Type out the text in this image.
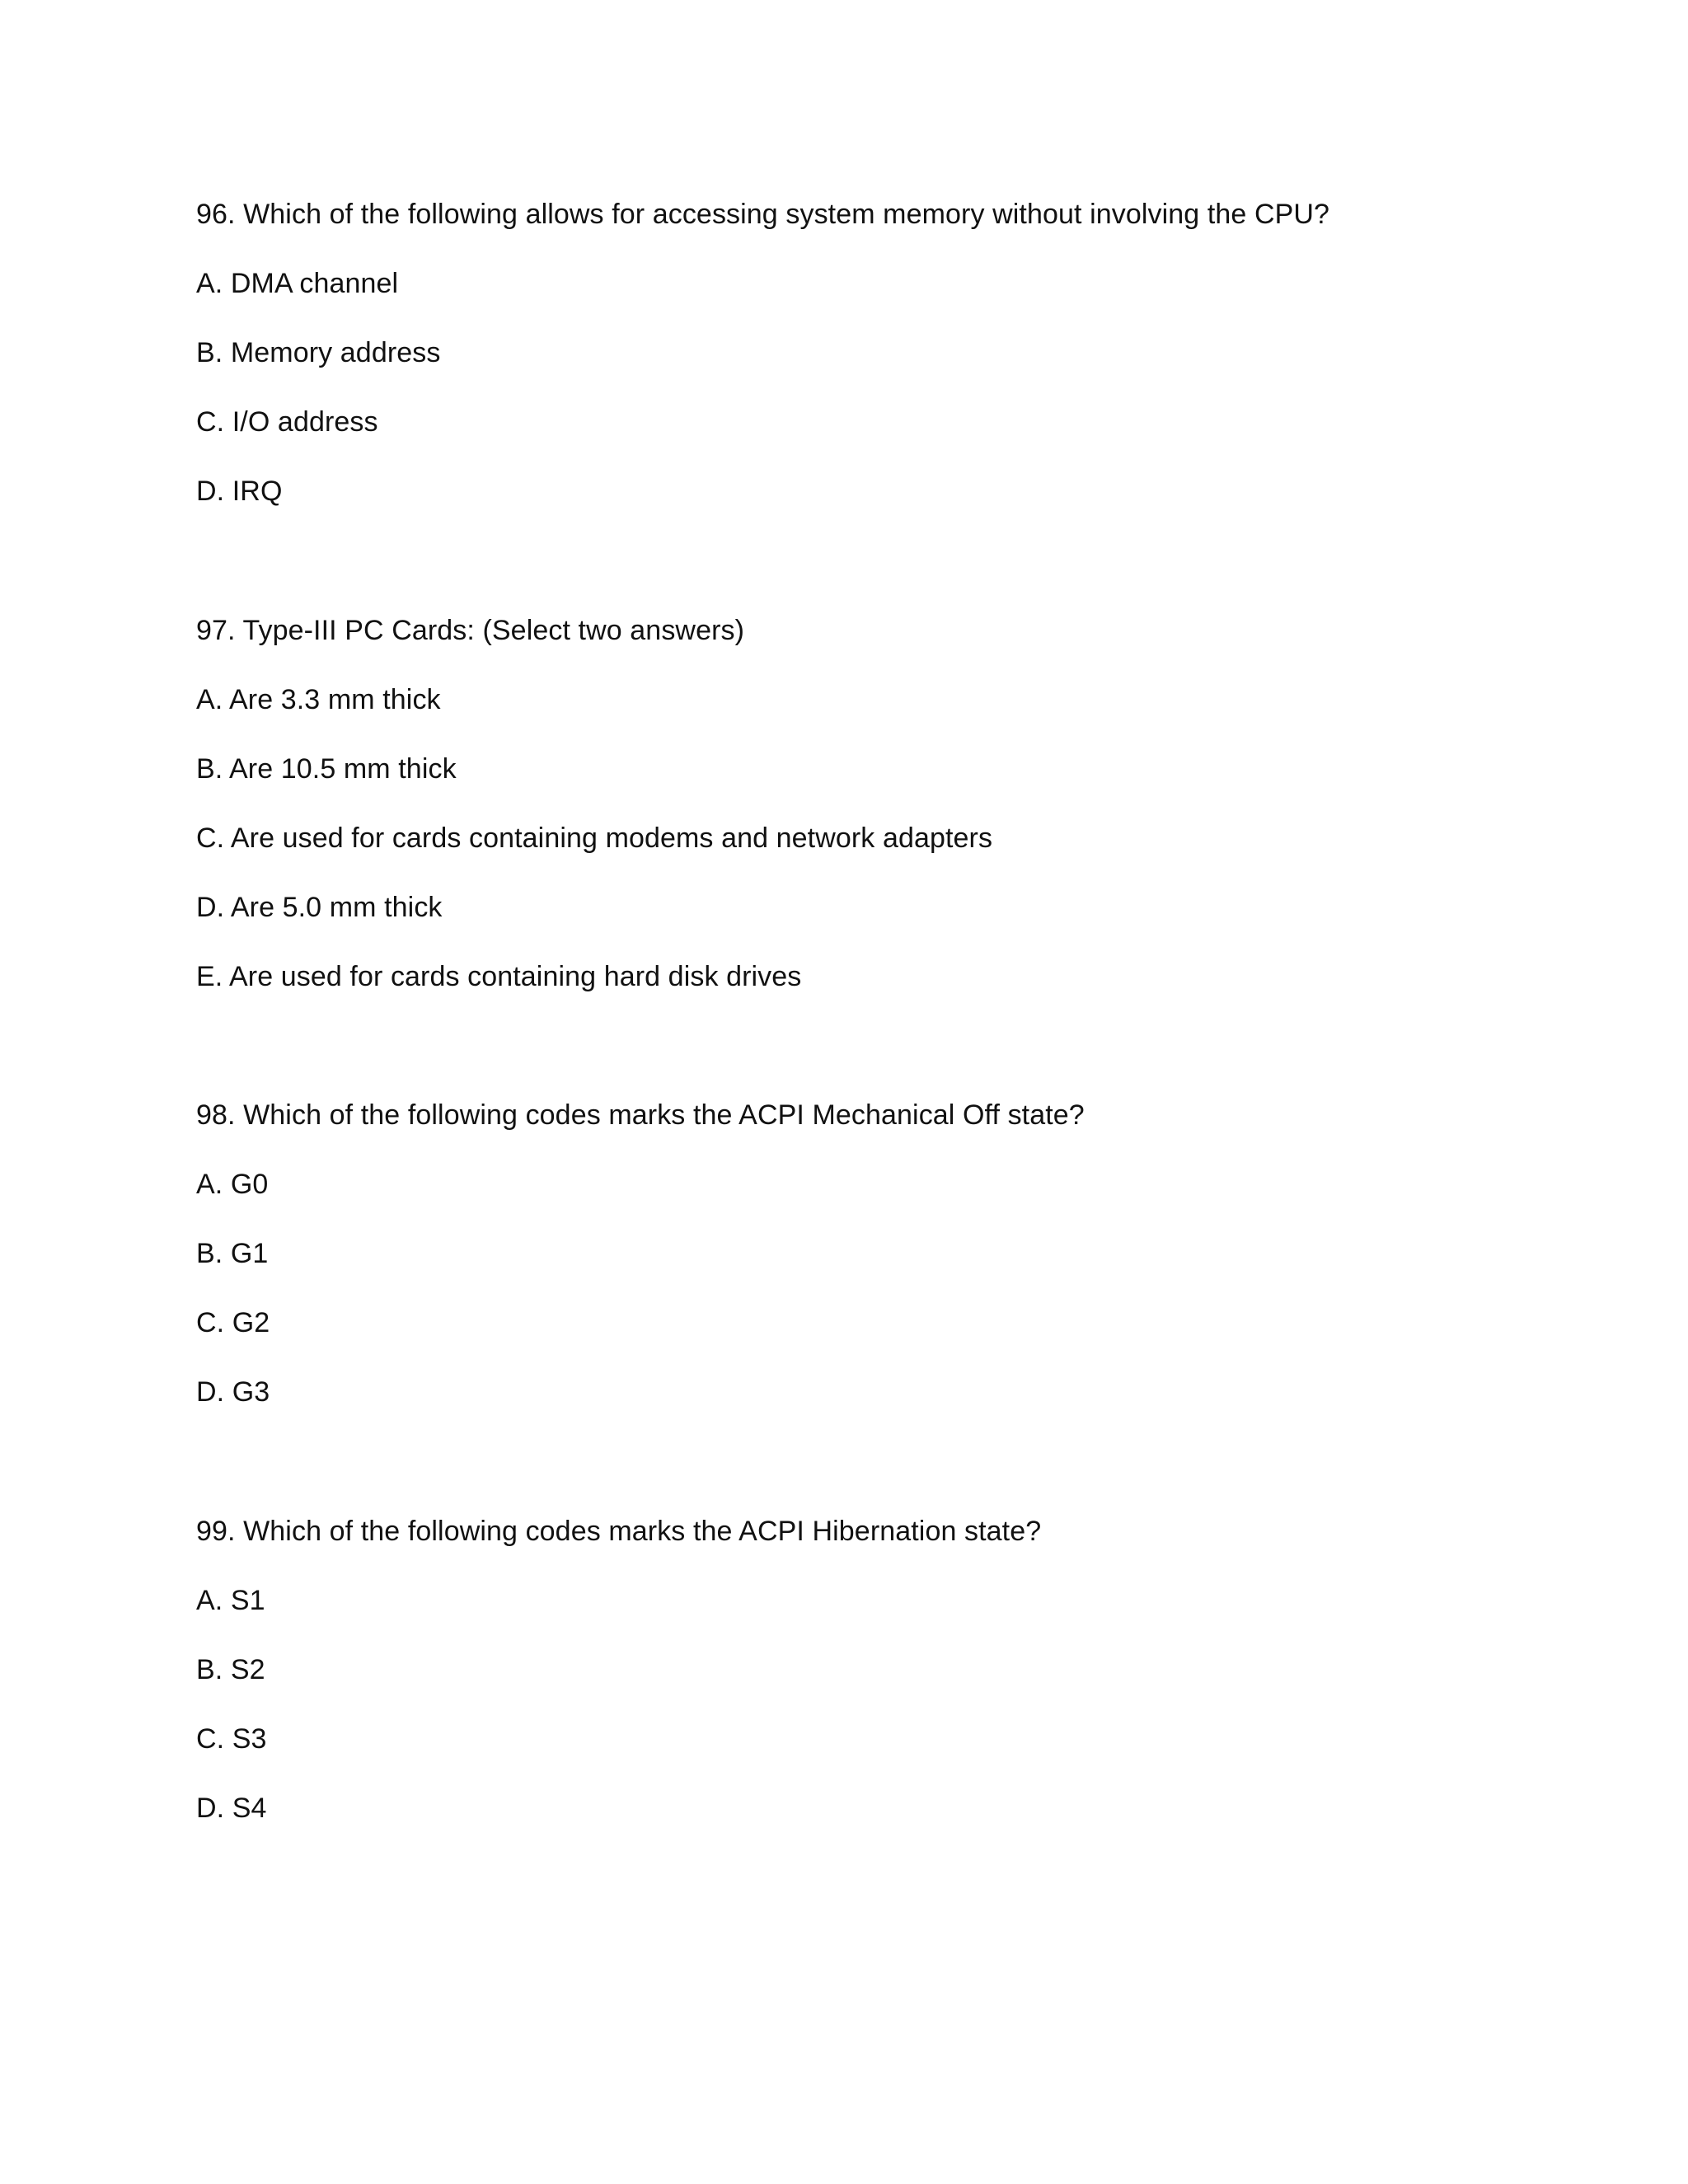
96. Which of the following allows for accessing system memory without involving the CPU?
A. DMA channel
B. Memory address
C. I/O address
D. IRQ
97. Type-III PC Cards: (Select two answers)
A. Are 3.3 mm thick
B. Are 10.5 mm thick
C. Are used for cards containing modems and network adapters
D. Are 5.0 mm thick
E. Are used for cards containing hard disk drives
98. Which of the following codes marks the ACPI Mechanical Off state?
A. G0
B. G1
C. G2
D. G3
99. Which of the following codes marks the ACPI Hibernation state?
A. S1
B. S2
C. S3
D. S4
